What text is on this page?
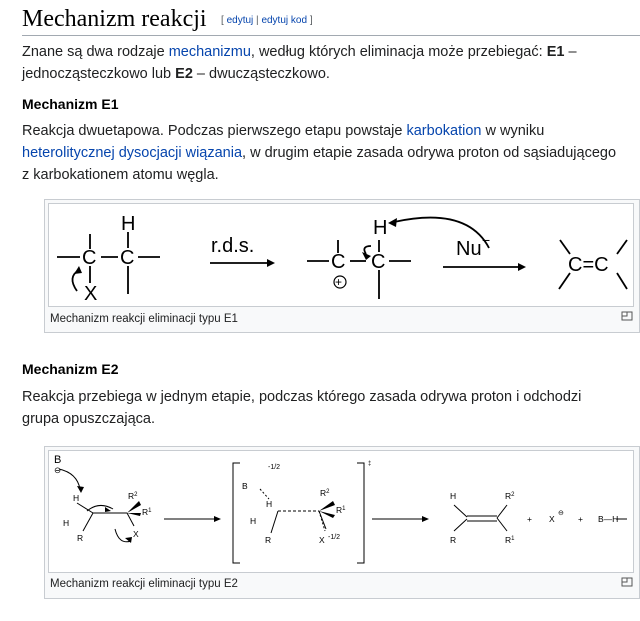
Mechanizm reakcji [ edytuj | edytuj kod ]

Znane są dwa rodzaje mechanizmu, według których eliminacja może przebiegać: E1 – jednocząsteczkowo lub E2 – dwucząsteczkowo.

Mechanizm E1

Reakcja dwuetapowa. Podczas pierwszego etapu powstaje karbokation w wyniku heterolitycznej dysocjacji wiązania, w drugim etapie zasada odrywa proton od sąsiadującego z karbokationem atomu węgla.

H
C C
X
r.d.s.
H
C C
Nu
C=C
+
−
Mechanizm reakcji eliminacji typu E1
Mechanizm E2

Reakcja przebiega w jednym etapie, podczas którego zasada odrywa proton i odchodzi grupa opuszczająca.

B
⊖
H	$R^2$
$R^1$
H
R	X
‡
-1/2
B
H
$R^2$
$R^1$
H
R	X -1/2
H	$R^2$
R	$R^1$
+ X
⊖
+ B—H
Mechanizm reakcji eliminacji typu E2
